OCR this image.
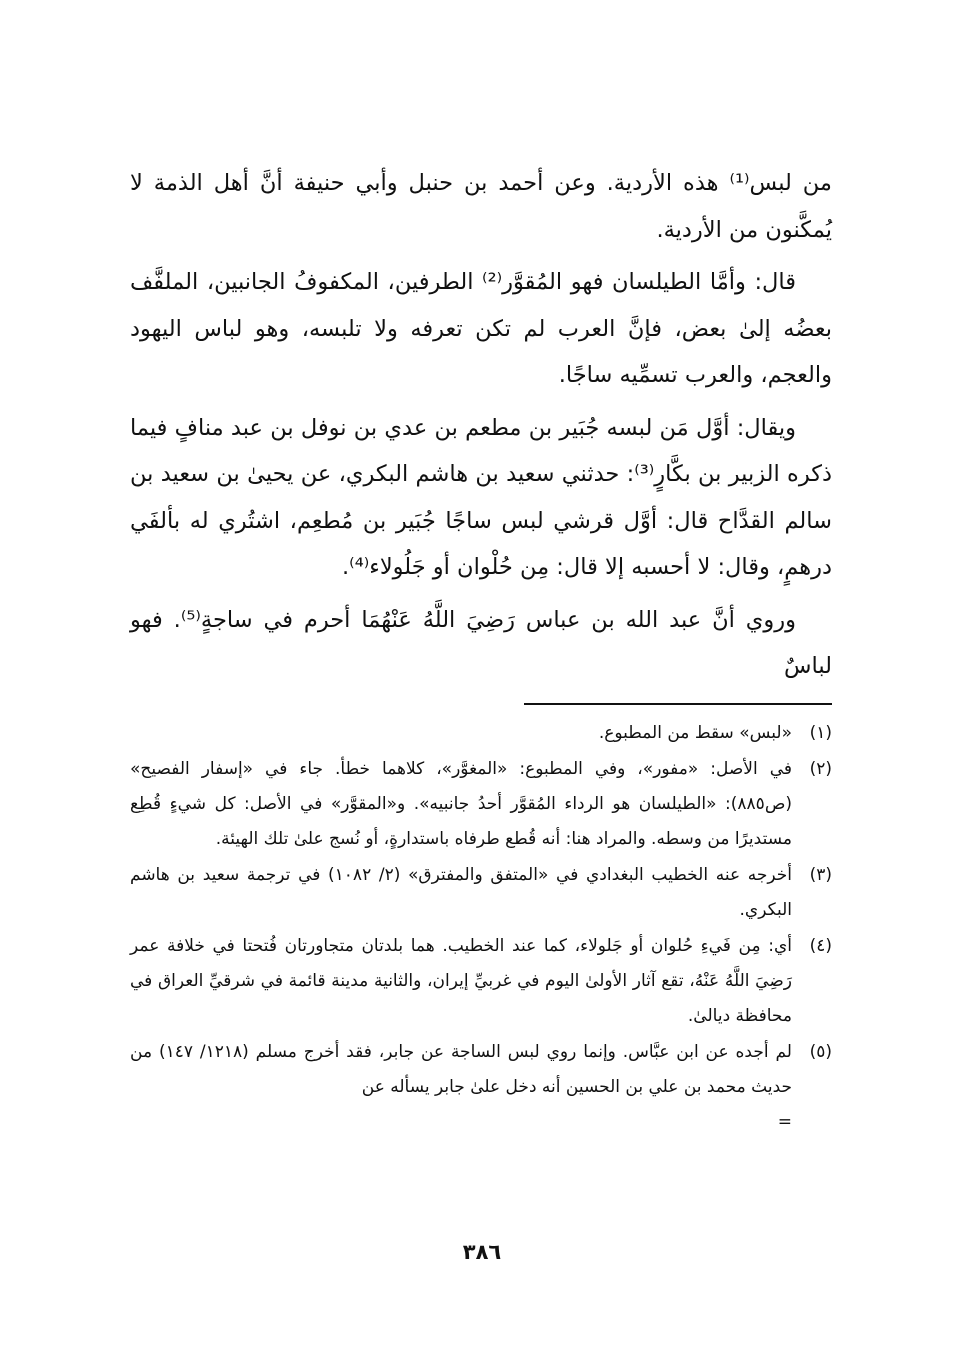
من لبس⁽¹⁾ هذه الأردية. وعن أحمد بن حنبل وأبي حنيفة أنَّ أهل الذمة لا يُمكَّنون من الأردية.

قال: وأمَّا الطيلسان فهو المُقوَّر⁽²⁾ الطرفين، المكفوفُ الجانبين، الملفَّف بعضُه إلىٰ بعض، فإنَّ العرب لم تكن تعرفه ولا تلبسه، وهو لباس اليهود والعجم، والعرب تسمِّيه ساجًا.

ويقال: أوَّل مَن لبسه جُبَير بن مطعم بن عدي بن نوفل بن عبد منافٍ فيما ذكره الزبير بن بكَّارٍ⁽³⁾: حدثني سعيد بن هاشم البكري، عن يحيىٰ بن سعيد بن سالم القدَّاح قال: أوَّل قرشي لبس ساجًا جُبَير بن مُطعِم، اشتُري له بألفَي درهمٍ، وقال: لا أحسبه إلا قال: مِن حُلْوان أو جَلُولاء⁽⁴⁾.

وروي أنَّ عبد الله بن عباس رَضِيَ اللَّهُ عَنْهُمَا أحرم في ساجةٍ⁽⁵⁾. فهو لباسٌ

(١)
«لبس» سقط من المطبوع.
(٢)
في الأصل: «مفور»، وفي المطبوع: «المغوَّر»، كلاهما خطأ. جاء في «إسفار الفصيح» (ص٨٨٥): «الطيلسان هو الرداء المُقوَّر أحدُ جانبيه». و«المقوَّر» في الأصل: كل شيءٍ قُطِع مستديرًا من وسطه. والمراد هنا: أنه قُطع طرفاه باستدارةٍ، أو نُسج علىٰ تلك الهيئة.
(٣)
أخرجه عنه الخطيب البغدادي في «المتفق والمفترق» (٢/ ١٠٨٢) في ترجمة سعيد بن هاشم البكري.
(٤)
أي: مِن فَيءِ حُلوان أو جَلولاء، كما عند الخطيب. هما بلدتان متجاورتان فُتحتا في خلافة عمر رَضِيَ اللَّهُ عَنْهُ، تقع آثار الأولىٰ اليوم في غربيِّ إيران، والثانية مدينة قائمة في شرقيِّ العراق في محافظة ديالىٰ.
(٥)
لم أجده عن ابن عبَّاس. وإنما روي لبس الساجة عن جابر، فقد أخرج مسلم (١٢١٨/ ١٤٧) من حديث محمد بن علي بن الحسين أنه دخل علىٰ جابر يسأله عن
=
٣٨٦
